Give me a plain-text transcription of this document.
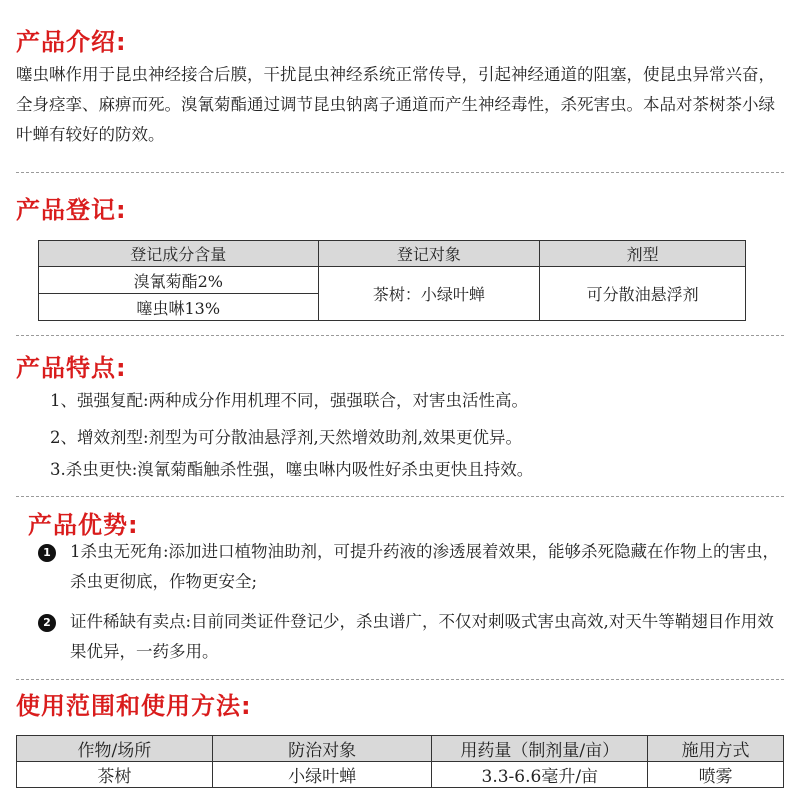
产品介绍:

噻虫啉作用于昆虫神经接合后膜，干扰昆虫神经系统正常传导，引起神经通道的阻塞，使昆虫异常兴奋，全身痉挛、麻痹而死。溴氰菊酯通过调节昆虫钠离子通道而产生神经毒性，杀死害虫。本品对茶树茶小绿叶蝉有较好的防效。

产品登记:
登记成分含量	登记对象	剂型
溴氰菊酯2%	茶树：小绿叶蝉	可分散油悬浮剂
噻虫啉13%		
产品特点:

1、强强复配:两种成分作用机理不同，强强联合，对害虫活性高。

2、增效剂型:剂型为可分散油悬浮剂,天然增效助剂,效果更优异。

3.杀虫更快:溴氰菊酯触杀性强，噻虫啉内吸性好杀虫更快且持效。

产品优势:
1	1杀虫无死角:添加进口植物油助剂，可提升药液的渗透展着效果，能够杀死隐藏在作物上的害虫，杀虫更彻底，作物更安全;

2	证件稀缺有卖点:目前同类证件登记少，杀虫谱广，不仅对刺吸式害虫高效,对天牛等鞘翅目作用效果优异，一药多用。

使用范围和使用方法:
作物/场所	防治对象	用药量（制剂量/亩）	施用方式
茶树	小绿叶蝉	3.3-6.6毫升/亩	喷雾
